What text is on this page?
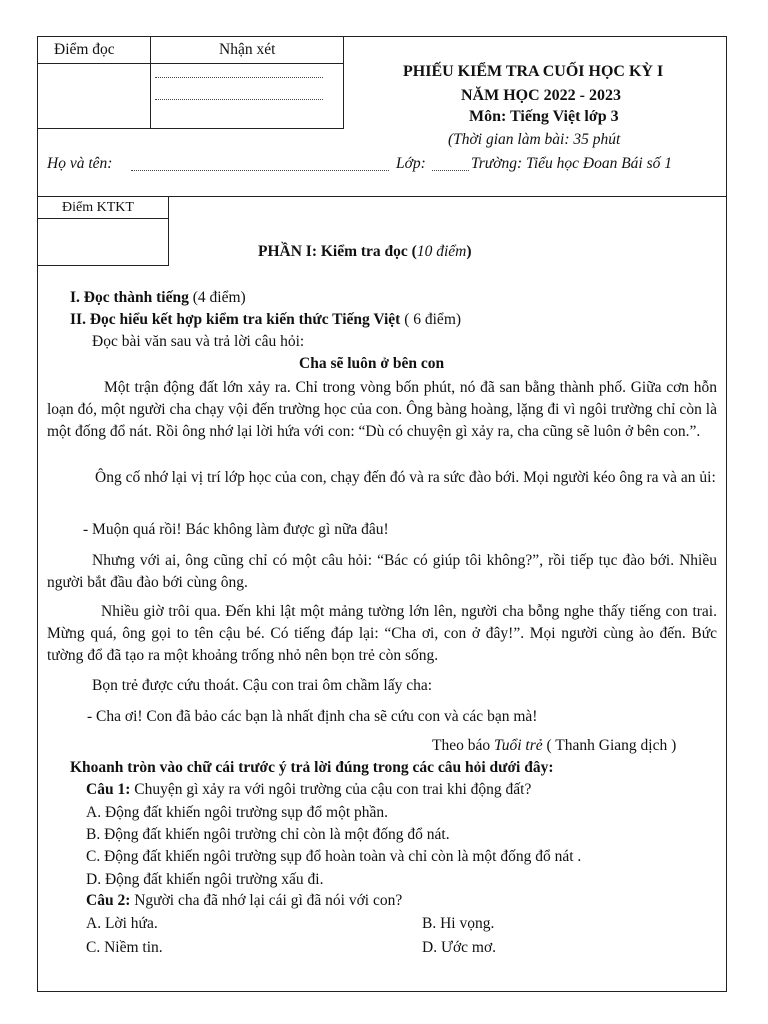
Điểm đọc	Nhận xét
PHIẾU KIỂM TRA CUỐI HỌC KỲ I
NĂM HỌC 2022 - 2023
Môn: Tiếng Việt lớp 3
(Thời gian làm bài: 35 phút
Họ và tên:	Lớp:	Trường: Tiểu học Đoan Bái số 1
Điểm KTKT
PHẦN I: Kiểm tra đọc (10 điểm)
I. Đọc thành tiếng (4 điểm)
II. Đọc hiểu kết hợp kiểm tra kiến thức Tiếng Việt ( 6 điểm)
Đọc bài văn sau và trả lời câu hỏi:
Cha sẽ luôn ở bên con
Một trận động đất lớn xảy ra. Chỉ trong vòng bốn phút, nó đã san bằng thành phố. Giữa cơn hỗn loạn đó, một người cha chạy vội đến trường học của con. Ông bàng hoàng, lặng đi vì ngôi trường chỉ còn là một đống đổ nát. Rồi ông nhớ lại lời hứa với con: “Dù có chuyện gì xảy ra, cha cũng sẽ luôn ở bên con.”.
Ông cố nhớ lại vị trí lớp học của con, chạy đến đó và ra sức đào bới. Mọi người kéo ông ra và an ủi:
- Muộn quá rồi! Bác không làm được gì nữa đâu!
Nhưng với ai, ông cũng chỉ có một câu hỏi: “Bác có giúp tôi không?”, rồi tiếp tục đào bới. Nhiều người bắt đầu đào bới cùng ông.
Nhiều giờ trôi qua. Đến khi lật một mảng tường lớn lên, người cha bỗng nghe thấy tiếng con trai. Mừng quá, ông gọi to tên cậu bé. Có tiếng đáp lại: “Cha ơi, con ở đây!”. Mọi người cùng ào đến. Bức tường đổ đã tạo ra một khoảng trống nhỏ nên bọn trẻ còn sống.
Bọn trẻ được cứu thoát. Cậu con trai ôm chầm lấy cha:
- Cha ơi! Con đã bảo các bạn là nhất định cha sẽ cứu con và các bạn mà!
Theo báo Tuổi trẻ ( Thanh Giang dịch )
Khoanh tròn vào chữ cái trước ý trả lời đúng trong các câu hỏi dưới đây:
Câu 1: Chuyện gì xảy ra với ngôi trường của cậu con trai khi động đất?
A. Động đất khiến ngôi trường sụp đổ một phần.
B. Động đất khiến ngôi trường chỉ còn là một đống đổ nát.
C. Động đất khiến ngôi trường sụp đổ hoàn toàn và chỉ còn là một đống đổ nát .
D. Động đất khiến ngôi trường xấu đi.
Câu 2: Người cha đã nhớ lại cái gì đã nói với con?
A. Lời hứa.	B. Hi vọng.
C. Niềm tin.	D. Ước mơ.
